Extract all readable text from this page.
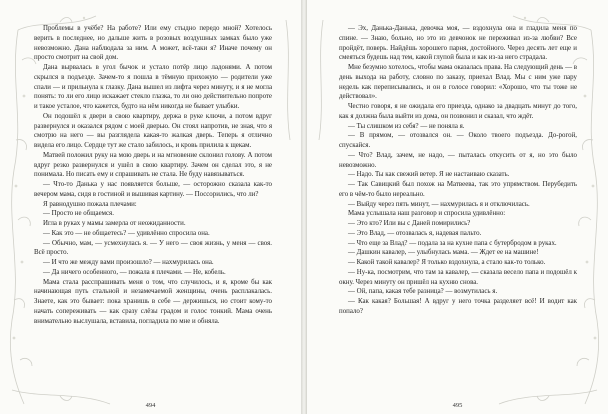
Проблемы в учёбе? На работе? Или ему стыдно передо мной? Хотелось верить в последнее, но дальше жить в розовых воздушных замках было уже невозможно. Дана наблюдала за ним. А может, всё-таки я? Иначе почему он просто смотрит на свой дом.

Дана вырвалась в угол бычок и устало потёр лицо ладонями. А потом скрылся в подъезде. Зачем-то я пошла в тёмную прихожую — родители уже спали — и прильнула к глазку. Дана вышел из лифта через минуту, и я не могла понять: то ли его лицо искажает стекло глазка, то ли оно действительно попроте и такое усталое, что кажется, будто на нём никогда не бывает улыбки.

Он подошёл к двери в свою квартиру, держа в руке ключи, а потом вдруг развернулся и оказался рядом с моей дверью. Он стоял напротив, не зная, что я смотрю на него — вы разглядела какая-то жалкая дверь. Теперь я отлично видела его лицо. Сердце тут же стало забилось, и кровь прилила к щекам.

Матвей положил руку на мою дверь и на мгновение склонил голову. А потом вдруг резко развернулся и ушёл в свою квартиру. Зачем он сделал это, я не понимала. Но писать ему и спрашивать не стала. Не буду навязываться.

— Что-то Данька у нас появляется больше, — осторожно сказала как-то вечером мама, сидя в гостиной и вышивая картину. — Поссорились, что ли?

Я равнодушно пожала плечами:

— Просто не общаемся.

Игла в руках у мамы замерла от неожиданности.

— Как это — не общаетесь? — удивлённо спросила она.

— Обычно, мам, — усмехнулась я. — У него — своя жизнь, у меня — своя. Всё просто.

— И что же между вами произошло? — нахмурилась она.

— Да ничего особенного, — пожала я плечами. — Не, кобель.

Мама стала расспрашивать меня о том, что случилось, и я, кроме бы как начинающая путь стальной и незамечаемой женщины, очень расплакалась. Знаете, как это бывает: пока хранишь в себе — держишься, но стоит кому-то начать сопереживать — как сразу слёзы градом и голос тонкий. Мама очень внимательно выслушала, вставила, погладила по мне и обняла.

494

— Эх, Данька-Данька, девочка моя, — вздохнула она и гладила меня по спине. — Знаю, больно, но это из девчонок не переживал из-за любви? Все пройдёт, поверь. Найдёшь хорошего парня, достойного. Через десять лет еще и смеяться будешь над тем, какой глупой была и как из-за него страдала.

Мне безумно хотелось, чтобы мама оказалась права. На следующий день — в день выхода на работу, словно по заказу, приехал Влад. Мы с ним уже пару недель как переписывались, и он в голосе говорил: «Хорошо, что ты тоже не действовал».

Честно говоря, я не ожидала его приезда, однако за двадцать минут до того, как я должна была выйти из дома, он позвонил и сказал, что ждёт.

— Ты слишком из себя? — не поняла я.

— В прямом, — отозвался он. — Около твоего подъезда. До-рогой, спускайся.

— Что? Влад, зачем, не надо, — пыталась откусить от я, но это было невозможно.

— Надо. Ты как свежий ветер. Я не настаиваю сказать.

— Так Савицкий был похож на Матвеева, так это упрямством. Перубедить его в чём-то было нереально.

— Выйду через пять минут, — нахмурилась я и отключилась.

Мама услышала наш разговор и спросила удивлённо:

— Это кто? Или вы с Даней помирились?

— Это Влад, — отозвалась я, надевая пальто.

— Что еще за Влад? — подала за на кухне папа с бутербродом в руках.

— Дашкин кавалер, — улыбнулась мама. — Ждет ее на машине!

— Какой такой кавалер? Я только вздохнула, а стало как-то только.

— Ну-ка, посмотрим, что там за кавалер, — сказала весело папа и подошёл к окну. Через минуту он пришёл на кухню снова.

— Ой, папа, какая тебе разница? — возмутилась я.

— Как какая? Большая! А вдруг у него точка разделяет всё! И водит как попало?

495
